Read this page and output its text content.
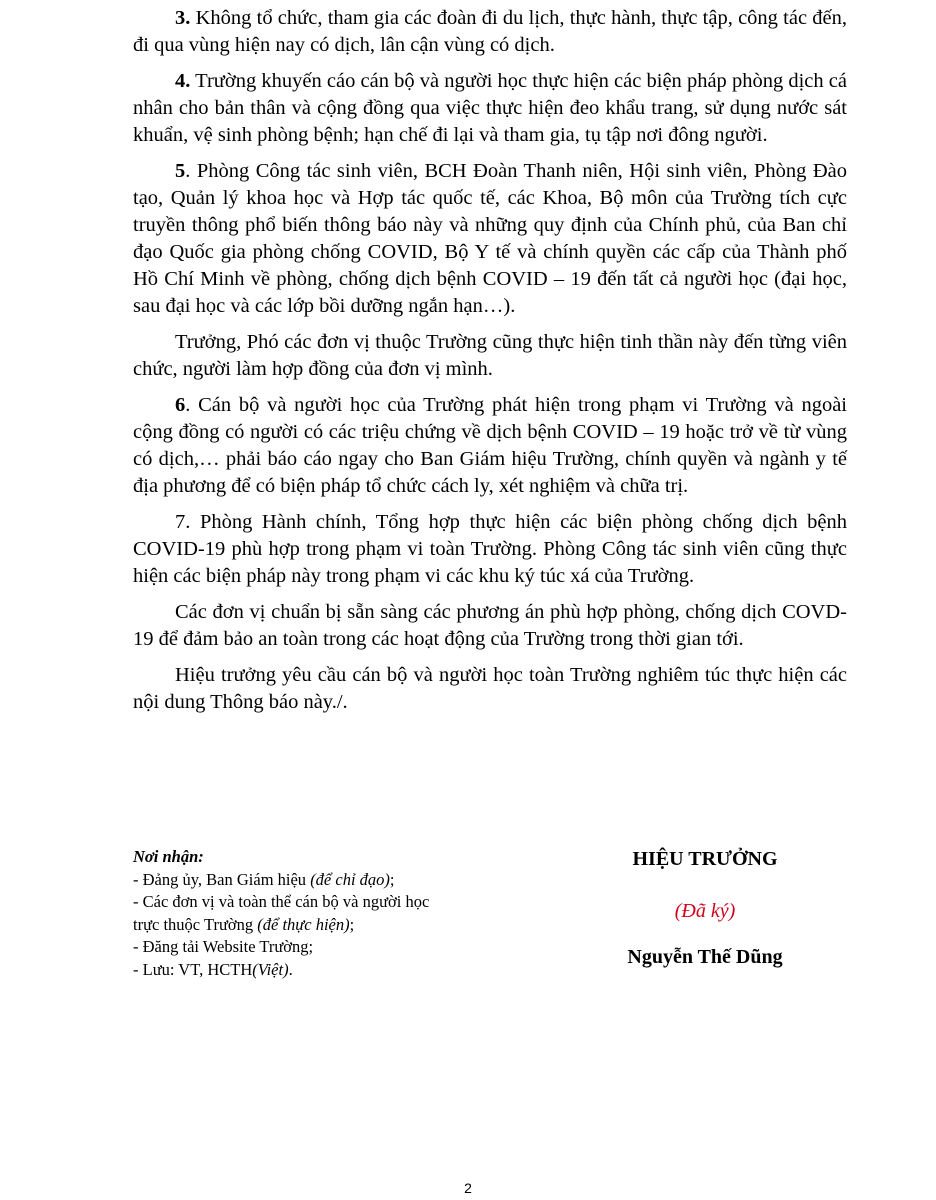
3. Không tổ chức, tham gia các đoàn đi du lịch, thực hành, thực tập, công tác đến, đi qua vùng hiện nay có dịch, lân cận vùng có dịch.

4. Trường khuyến cáo cán bộ và người học thực hiện các biện pháp phòng dịch cá nhân cho bản thân và cộng đồng qua việc thực hiện đeo khẩu trang, sử dụng nước sát khuẩn, vệ sinh phòng bệnh; hạn chế đi lại và tham gia, tụ tập nơi đông người.

5. Phòng Công tác sinh viên, BCH Đoàn Thanh niên, Hội sinh viên, Phòng Đào tạo, Quản lý khoa học và Hợp tác quốc tế, các Khoa, Bộ môn của Trường tích cực truyền thông phổ biến thông báo này và những quy định của Chính phủ, của Ban chỉ đạo Quốc gia phòng chống COVID, Bộ Y tế và chính quyền các cấp của Thành phố Hồ Chí Minh về phòng, chống dịch bệnh COVID – 19 đến tất cả người học (đại học, sau đại học và các lớp bồi dưỡng ngắn hạn…).

Trưởng, Phó các đơn vị thuộc Trường cũng thực hiện tinh thần này đến từng viên chức, người làm hợp đồng của đơn vị mình.

6. Cán bộ và người học của Trường phát hiện trong phạm vi Trường và ngoài cộng đồng có người có các triệu chứng về dịch bệnh COVID – 19 hoặc trở về từ vùng có dịch,… phải báo cáo ngay cho Ban Giám hiệu Trường, chính quyền và ngành y tế địa phương để có biện pháp tổ chức cách ly, xét nghiệm và chữa trị.

7. Phòng Hành chính, Tổng hợp thực hiện các biện phòng chống dịch bệnh COVID-19 phù hợp trong phạm vi toàn Trường. Phòng Công tác sinh viên cũng thực hiện các biện pháp này trong phạm vi các khu ký túc xá của Trường.

Các đơn vị chuẩn bị sẵn sàng các phương án phù hợp phòng, chống dịch COVD-19 để đảm bảo an toàn trong các hoạt động của Trường trong thời gian tới.

Hiệu trưởng yêu cầu cán bộ và người học toàn Trường nghiêm túc thực hiện các nội dung Thông báo này./.

Nơi nhận:
- Đảng ủy, Ban Giám hiệu (để chỉ đạo);
- Các đơn vị và toàn thể cán bộ và người học
trực thuộc Trường (để thực hiện);
- Đăng tải Website Trường;
- Lưu: VT, HCTH(Việt).
HIỆU TRƯỞNG
(Đã ký)
Nguyễn Thế Dũng
2
